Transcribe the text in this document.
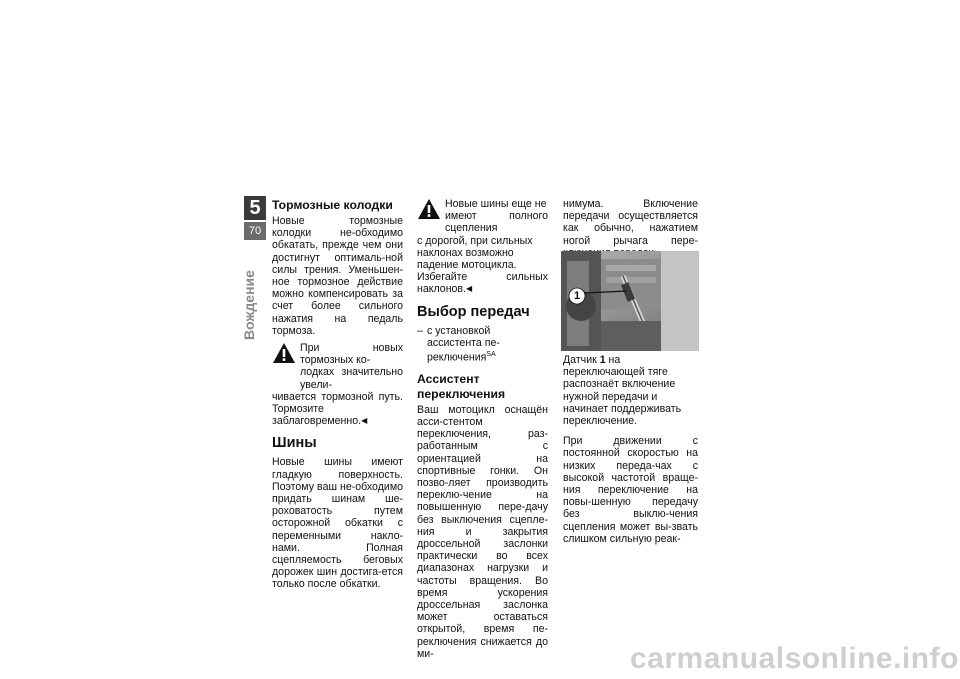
5
70
Вождение
Тормозные колодки

Новые тормозные колодки не-обходимо обкатать, прежде чем они достигнут оптималь-ной силы трения. Уменьшен-ное тормозное действие можно компенсировать за счет более сильного нажатия на педаль тормоза.

При новых тормозных ко-

лодках значительно увели-

чивается тормозной путь. Тормозите заблаговременно.◀

Шины

Новые шины имеют гладкую поверхность. Поэтому ваш не-обходимо придать шинам ше-роховатость путем осторожной обкатки с переменными накло-нами. Полная сцепляемость беговых дорожек шин достига-ется только после обкатки.

Новые шины еще не

имеют полного сцепления

с дорогой, при сильных наклонах возможно падение мотоцикла.

Избегайте сильных наклонов.◀

Выбор передач
– с установкой ассистента пе-реключения$^{SA}$

Ассистент переключения

Ваш мотоцикл оснащён асси-стентом переключения, раз-работанным с ориентацией на спортивные гонки. Он позво-ляет производить переклю-чение на повышенную пере-дачу без выключения сцепле-ния и закрытия дроссельной заслонки практически во всех диапазонах нагрузки и частоты вращения. Во время ускорения дроссельная заслонка может оставаться открытой, время пе-реключения снижается до ми-

нимума. Включение передачи осуществляется как обычно, нажатием ногой рычага пере-

1

Датчик 1 на переключающей тяге распознаёт включение нужной передачи и начинает поддерживать переключение.

При движении с постоянной скоростью на низких переда-чах с высокой частотой враще-ния переключение на повы-шенную передачу без выклю-чения сцепления может вы-звать слишком сильную реак-

carmanualsonline.info
